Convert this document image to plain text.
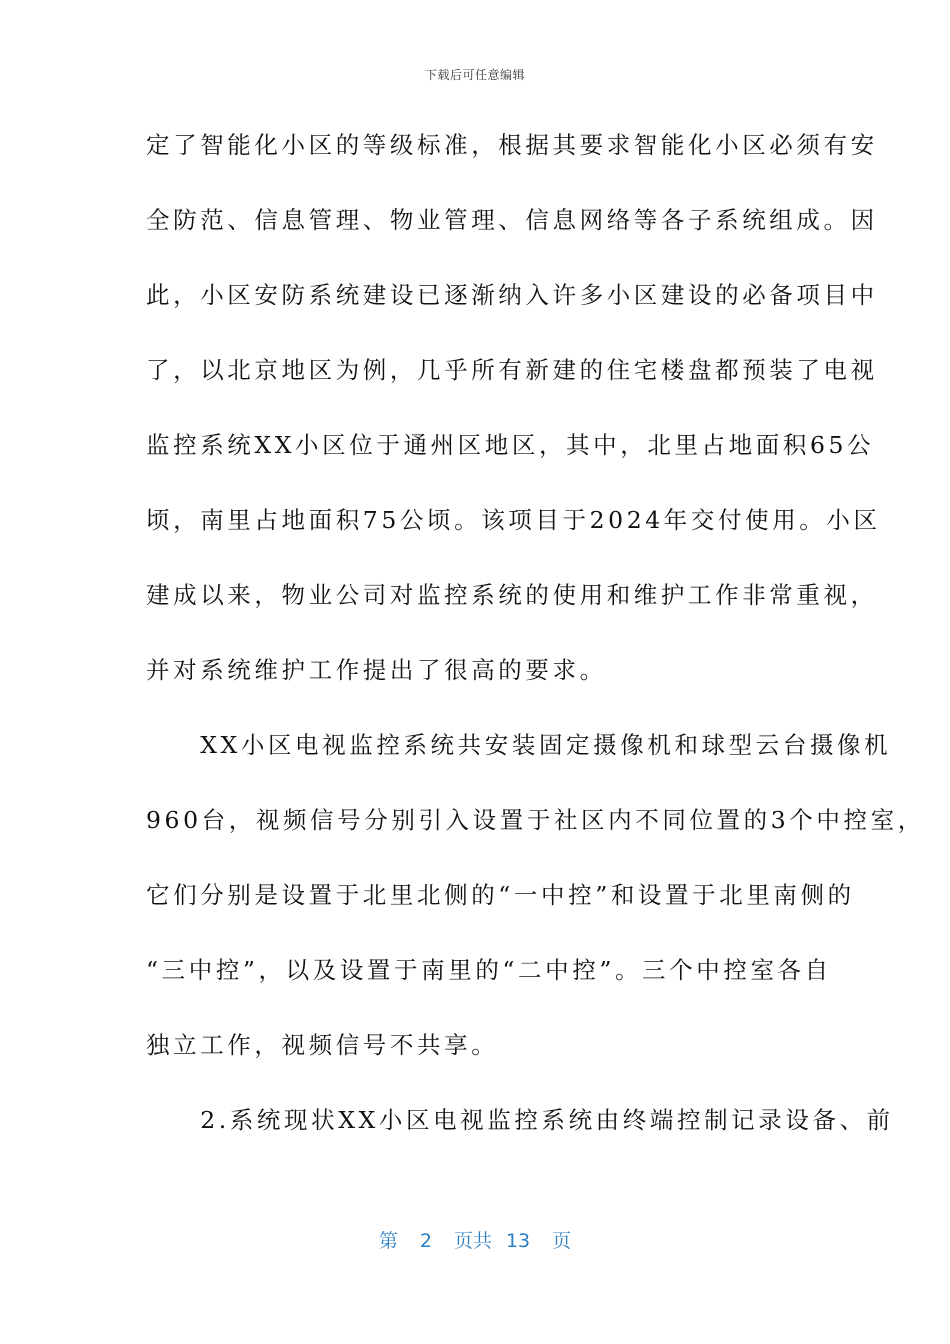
下载后可任意编辑
定了智能化小区的等级标准，根据其要求智能化小区必须有安
全防范、信息管理、物业管理、信息网络等各子系统组成。因
此，小区安防系统建设已逐渐纳入许多小区建设的必备项目中
了，以北京地区为例，几乎所有新建的住宅楼盘都预装了电视
监控系统XX小区位于通州区地区，其中，北里占地面积65公
顷，南里占地面积75公顷。该项目于2024年交付使用。小区
建成以来，物业公司对监控系统的使用和维护工作非常重视，
并对系统维护工作提出了很高的要求。
　　XX小区电视监控系统共安装固定摄像机和球型云台摄像机
960台，视频信号分别引入设置于社区内不同位置的3个中控室，
它们分别是设置于北里北侧的“一中控”和设置于北里南侧的
“三中控”，以及设置于南里的“二中控”。三个中控室各自
独立工作，视频信号不共享。
　　2.系统现状XX小区电视监控系统由终端控制记录设备、前
第 2 页共 13 页
